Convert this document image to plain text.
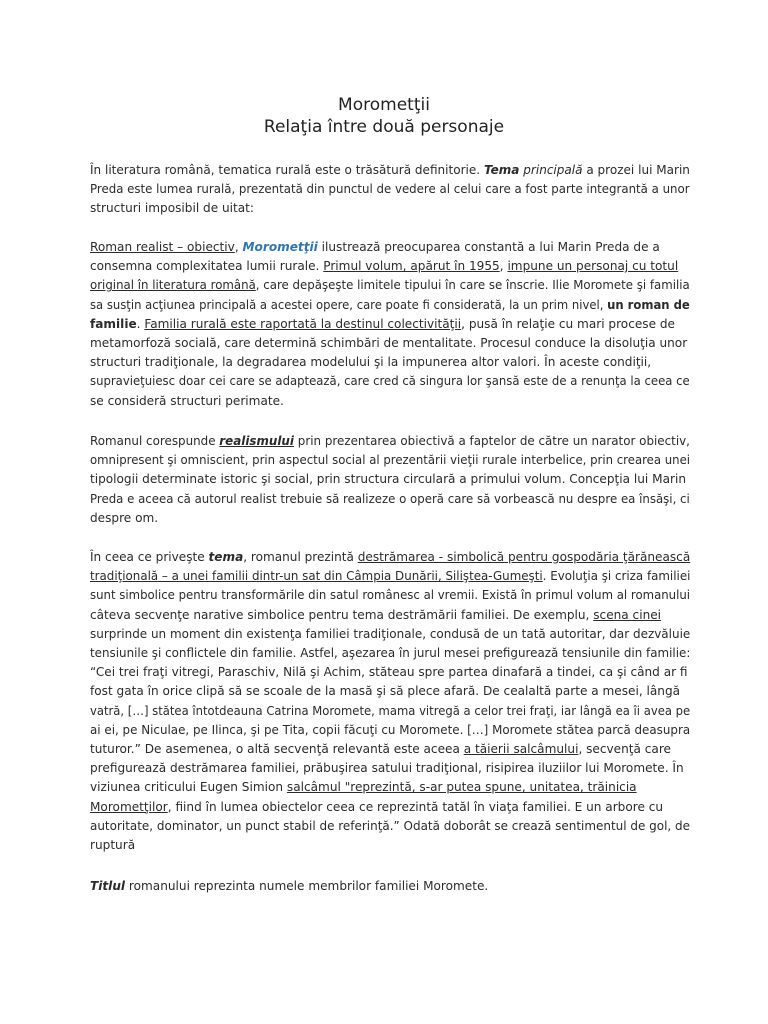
Morometţii
Relaţia între două personaje
În literatura română, tematica rurală este o trăsătură definitorie. Tema principală a prozei lui Marin
Preda este lumea rurală, prezentată din punctul de vedere al celui care a fost parte integrantă a unor
structuri imposibil de uitat:
Roman realist – obiectiv, Morometţii ilustrează preocuparea constantă a lui Marin Preda de a
consemna complexitatea lumii rurale. Primul volum, apărut în 1955, impune un personaj cu totul
original în literatura română, care depăşeşte limitele tipului în care se înscrie. Ilie Moromete şi familia
sa susţin acţiunea principală a acestei opere, care poate fi considerată, la un prim nivel, un roman de
familie. Familia rurală este raportată la destinul colectivităţii, pusă în relaţie cu mari procese de
metamorfoză socială, care determină schimbări de mentalitate. Procesul conduce la disoluţia unor
structuri tradiţionale, la degradarea modelului şi la impunerea altor valori. În aceste condiţii,
supravieţuiesc doar cei care se adaptează, care cred că singura lor şansă este de a renunţa la ceea ce
se consideră structuri perimate.
Romanul corespunde realismului prin prezentarea obiectivă a faptelor de către un narator obiectiv,
omnipresent şi omniscient, prin aspectul social al prezentării vieţii rurale interbelice, prin crearea unei
tipologii determinate istoric şi social, prin structura circulară a primului volum. Concepţia lui Marin
Preda e aceea că autorul realist trebuie să realizeze o operă care să vorbească nu despre ea însăşi, ci
despre om.
În ceea ce priveşte tema, romanul prezintă destrămarea - simbolică pentru gospodăria ţărănească
tradiţională – a unei familii dintr-un sat din Câmpia Dunării, Siliştea-Gumeşti. Evoluţia şi criza familiei
sunt simbolice pentru transformările din satul românesc al vremii. Există în primul volum al romanului
câteva secvenţe narative simbolice pentru tema destrămării familiei. De exemplu, scena cinei
surprinde un moment din existenţa familiei tradiţionale, condusă de un tată autoritar, dar dezvăluie
tensiunile şi conflictele din familie. Astfel, aşezarea în jurul mesei prefigurează tensiunile din familie:
“Cei trei fraţi vitregi, Paraschiv, Nilă şi Achim, stăteau spre partea dinafară a tindei, ca şi când ar fi
fost gata în orice clipă să se scoale de la masă şi să plece afară. De cealaltă parte a mesei, lângă
vatră, […] stătea întotdeauna Catrina Moromete, mama vitregă a celor trei fraţi, iar lângă ea îi avea pe
ai ei, pe Niculae, pe Ilinca, şi pe Tita, copii făcuţi cu Moromete. […] Moromete stătea parcă deasupra
tuturor.” De asemenea, o altă secvenţă relevantă este aceea a tăierii salcâmului, secvenţă care
prefigurează destrămarea familiei, prăbuşirea satului tradiţional, risipirea iluziilor lui Moromete. În
viziunea criticului Eugen Simion salcâmul "reprezintă, s-ar putea spune, unitatea, trăinicia
Morometţilor, fiind în lumea obiectelor ceea ce reprezintă tatăl în viaţa familiei. E un arbore cu
autoritate, dominator, un punct stabil de referinţă.” Odată doborât se crează sentimentul de gol, de
ruptură
Titlul romanului reprezinta numele membrilor familiei Moromete.
